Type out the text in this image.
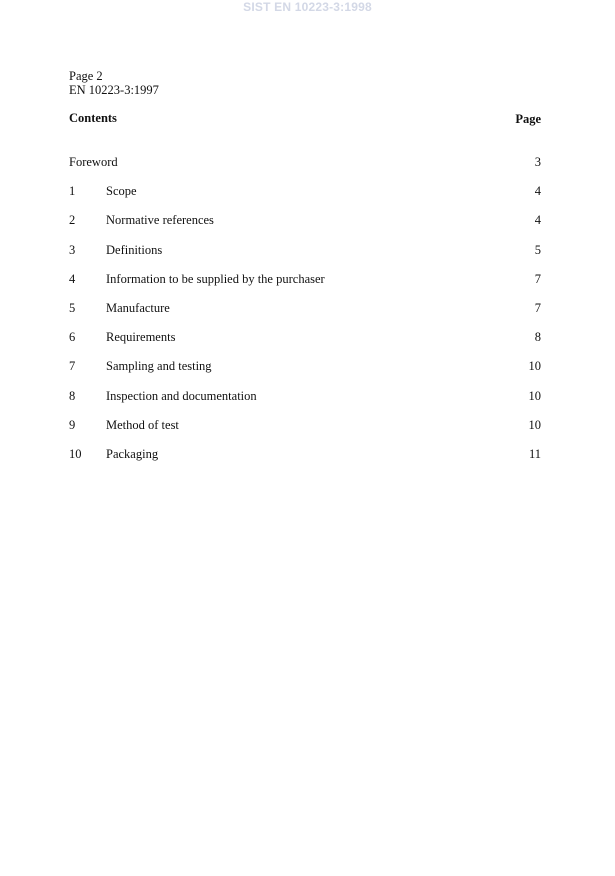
SIST EN 10223-3:1998
Page 2
EN 10223-3:1997
Contents	Page
Foreword	3
1 Scope	4
2 Normative references	4
3 Definitions	5
4 Information to be supplied by the purchaser	7
5 Manufacture	7
6 Requirements	8
7 Sampling and testing	10
8 Inspection and documentation	10
9 Method of test	10
10 Packaging	11
